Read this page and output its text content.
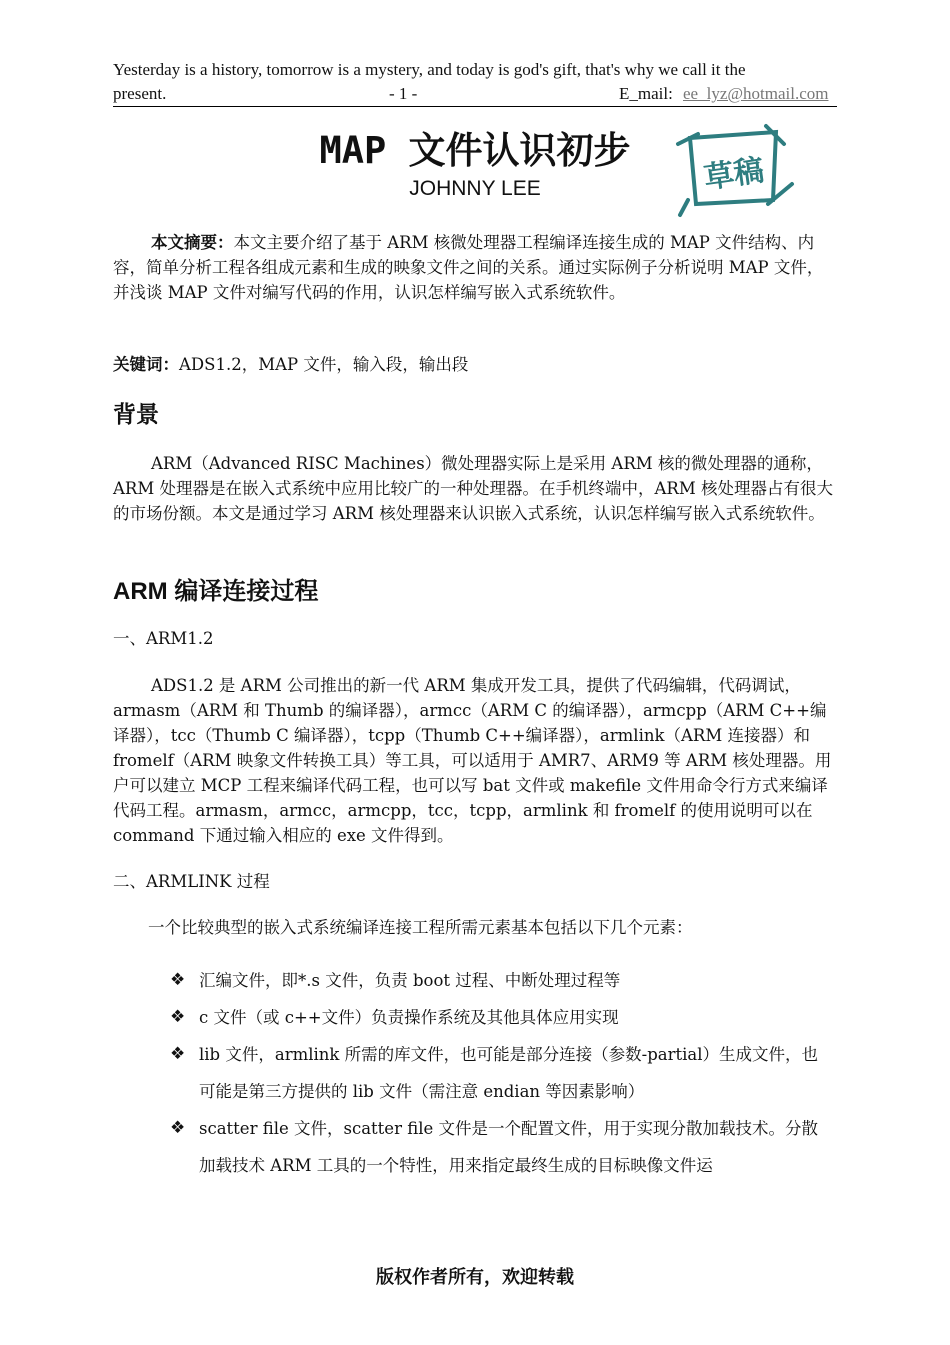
Yesterday is a history, tomorrow is a mystery, and today is god's gift, that's why we call it the
present.	- 1 -	E_mail: ee_lyz@hotmail.com
MAP 文件认识初步
JOHNNY LEE	草稿
本文摘要：本文主要介绍了基于 ARM 核微处理器工程编译连接生成的 MAP 文件结构、内容，简单分析工程各组成元素和生成的映象文件之间的关系。通过实际例子分析说明 MAP 文件，并浅谈 MAP 文件对编写代码的作用，认识怎样编写嵌入式系统软件。
关键词：ADS1.2，MAP 文件，输入段，输出段
背景
ARM（Advanced RISC Machines）微处理器实际上是采用 ARM 核的微处理器的通称，ARM 处理器是在嵌入式系统中应用比较广的一种处理器。在手机终端中，ARM 核处理器占有很大的市场份额。本文是通过学习 ARM 核处理器来认识嵌入式系统，认识怎样编写嵌入式系统软件。
ARM 编译连接过程
一、ARM1.2
ADS1.2 是 ARM 公司推出的新一代 ARM 集成开发工具，提供了代码编辑，代码调试，armasm（ARM 和 Thumb 的编译器），armcc（ARM C 的编译器），armcpp（ARM C++编译器），tcc（Thumb C 编译器），tcpp（Thumb C++编译器），armlink（ARM 连接器）和 fromelf（ARM 映象文件转换工具）等工具，可以适用于 AMR7、ARM9 等 ARM 核处理器。用户可以建立 MCP 工程来编译代码工程，也可以写 bat 文件或 makefile 文件用命令行方式来编译代码工程。armasm，armcc，armcpp，tcc，tcpp，armlink 和 fromelf 的使用说明可以在 command 下通过输入相应的 exe 文件得到。
二、ARMLINK 过程
一个比较典型的嵌入式系统编译连接工程所需元素基本包括以下几个元素：
❖ 汇编文件，即*.s 文件，负责 boot 过程、中断处理过程等
❖ c 文件（或 c++文件）负责操作系统及其他具体应用实现
❖ lib 文件，armlink 所需的库文件，也可能是部分连接（参数-partial）生成文件，也可能是第三方提供的 lib 文件（需注意 endian 等因素影响）
❖ scatter file 文件，scatter file 文件是一个配置文件，用于实现分散加载技术。分散加载技术 ARM 工具的一个特性，用来指定最终生成的目标映像文件运
版权作者所有，欢迎转载
